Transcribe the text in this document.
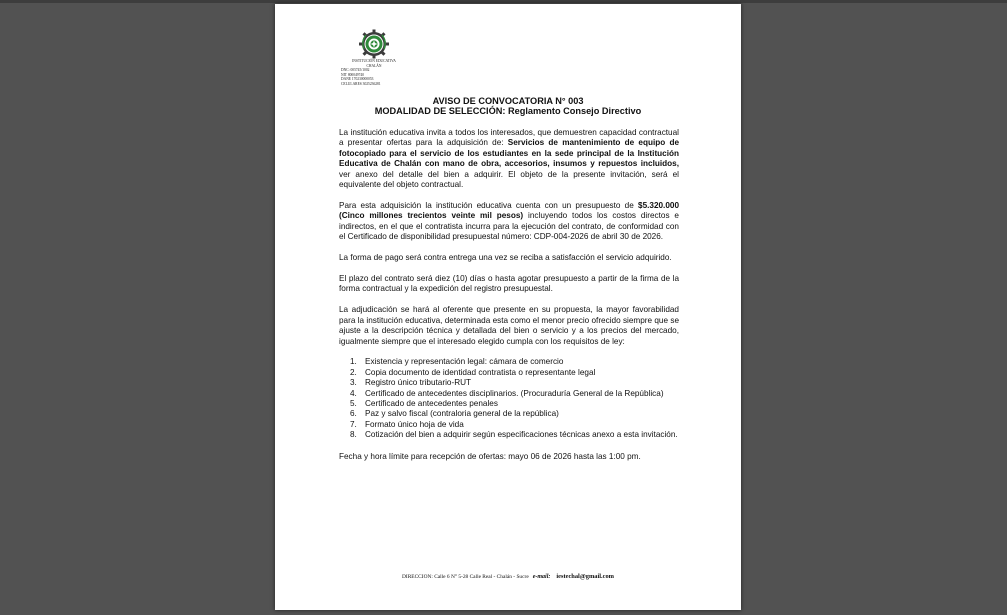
INSTITUCIÓN EDUCATIVA
CHALÁN
DNC: 005745/1002
NIT 800049740
DANE 170230000053
CELULARES 3025236281
AVISO DE CONVOCATORIA N° 003
MODALIDAD DE SELECCIÓN: Reglamento Consejo Directivo

La institución educativa invita a todos los interesados, que demuestren capacidad contractual a presentar ofertas para la adquisición de: Servicios de mantenimiento de equipo de fotocopiado para el servicio de los estudiantes en la sede principal de la Institución Educativa de Chalán con mano de obra, accesorios, insumos y repuestos incluidos, ver anexo del detalle del bien a adquirir. El objeto de la presente invitación, será el equivalente del objeto contractual.

Para esta adquisición la institución educativa cuenta con un presupuesto de $5.320.000 (Cinco millones trecientos veinte mil pesos) incluyendo todos los costos directos e indirectos, en el que el contratista incurra para la ejecución del contrato, de conformidad con el Certificado de disponibilidad presupuestal número: CDP-004-2026 de abril 30 de 2026.

La forma de pago será contra entrega una vez se reciba a satisfacción el servicio adquirido.

El plazo del contrato será diez (10) días o hasta agotar presupuesto a partir de la firma de la forma contractual y la expedición del registro presupuestal.

La adjudicación se hará al oferente que presente en su propuesta, la mayor favorabilidad para la institución educativa, determinada esta como el menor precio ofrecido siempre que se ajuste a la descripción técnica y detallada del bien o servicio y a los precios del mercado, igualmente siempre que el interesado elegido cumpla con los requisitos de ley:

1. Existencia y representación legal: cámara de comercio
2. Copia documento de identidad contratista o representante legal
3. Registro único tributario-RUT
4. Certificado de antecedentes disciplinarios. (Procuraduría General de la República)
5. Certificado de antecedentes penales
6. Paz y salvo fiscal (contraloria general de la república)
7. Formato único hoja de vida
8. Cotización del bien a adquirir según especificaciones técnicas anexo a esta invitación.

Fecha y hora límite para recepción de ofertas: mayo 06 de 2026 hasta las 1:00 pm.

DIRECCION: Calle 6 N° 5-28 Calle Real - Chalán - Sucre e-mail: iestechal@gmail.com
